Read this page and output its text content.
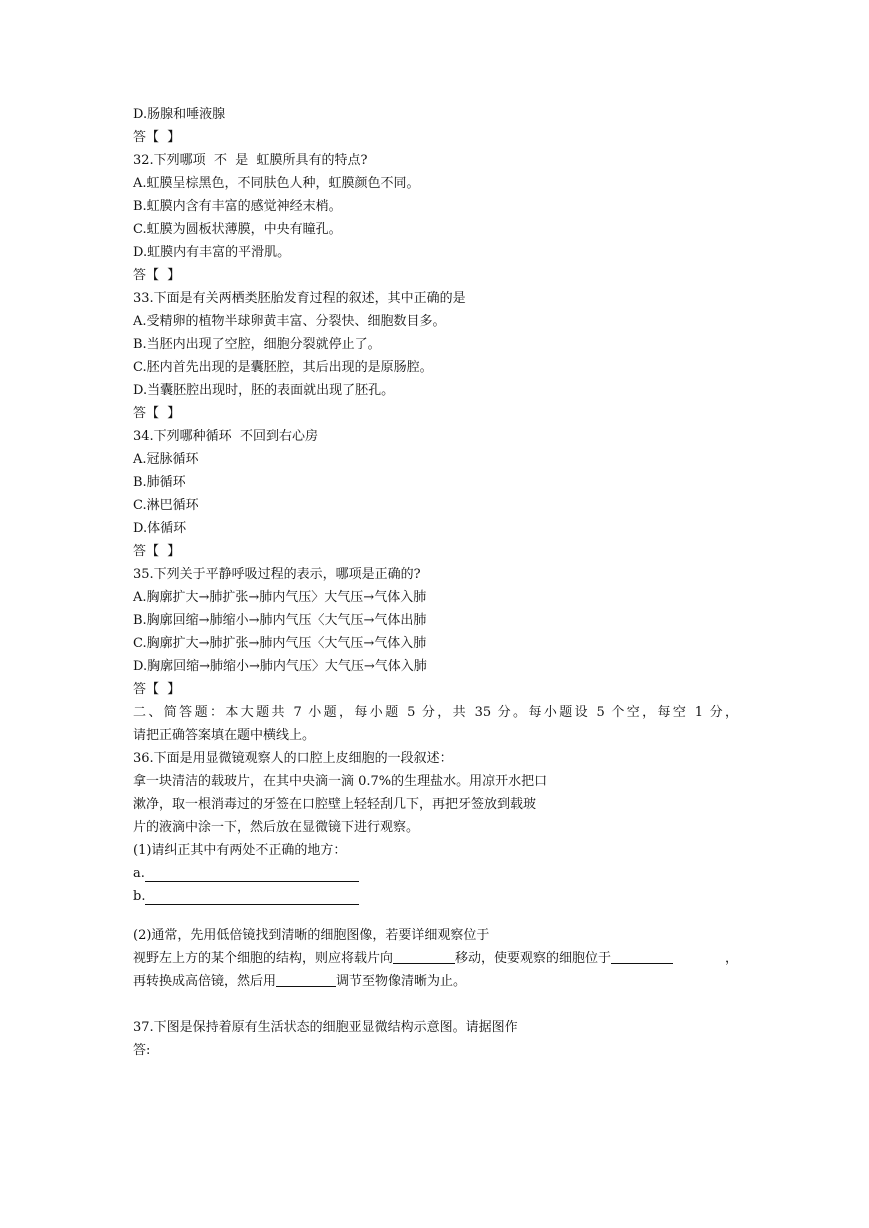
D.肠腺和唾液腺
答【  】
32.下列哪项  不  是  虹膜所具有的特点?
A.虹膜呈棕黑色，不同肤色人种，虹膜颜色不同。
B.虹膜内含有丰富的感觉神经末梢。
C.虹膜为圆板状薄膜，中央有瞳孔。
D.虹膜内有丰富的平滑肌。
答【  】
33.下面是有关两栖类胚胎发育过程的叙述，其中正确的是
A.受精卵的植物半球卵黄丰富、分裂快、细胞数目多。
B.当胚内出现了空腔，细胞分裂就停止了。
C.胚内首先出现的是囊胚腔，其后出现的是原肠腔。
D.当囊胚腔出现时，胚的表面就出现了胚孔。
答【  】
34.下列哪种循环  不回到右心房
A.冠脉循环
B.肺循环
C.淋巴循环
D.体循环
答【  】
35.下列关于平静呼吸过程的表示，哪项是正确的?
A.胸廓扩大→肺扩张→肺内气压〉大气压→气体入肺
B.胸廓回缩→肺缩小→肺内气压〈大气压→气体出肺
C.胸廓扩大→肺扩张→肺内气压〈大气压→气体入肺
D.胸廓回缩→肺缩小→肺内气压〉大气压→气体入肺
答【  】
二、简答题：本大题共 7 小题，每小题 5 分，共 35 分。每小题设 5 个空，每空 1 分，
请把正确答案填在题中横线上。
36.下面是用显微镜观察人的口腔上皮细胞的一段叙述：
拿一块清洁的载玻片，在其中央滴一滴 0.7%的生理盐水。用凉开水把口
漱净，取一根消毒过的牙签在口腔壁上轻轻刮几下，再把牙签放到载玻
片的液滴中涂一下，然后放在显微镜下进行观察。
(1)请纠正其中有两处不正确的地方：
a.
b.
(2)通常，先用低倍镜找到清晰的细胞图像，若要详细观察位于
视野左上方的某个细胞的结构，则应将载片向	移动，使要观察的细胞位于	，
再转换成高倍镜，然后用	调节至物像清晰为止。
37.下图是保持着原有生活状态的细胞亚显微结构示意图。请据图作
答:
